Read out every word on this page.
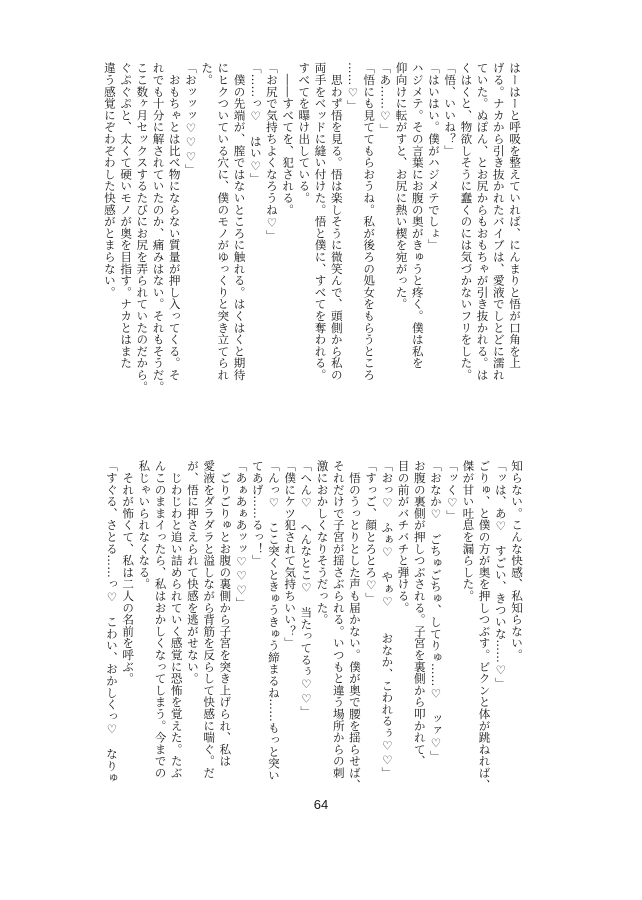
はーはーと呼吸を整えていれば、にんまりと悟が口角を上
げる。ナカから引き抜かれたバイブは、愛液でしとどに濡れ
ていた。ぬぽん、とお尻からもおもちゃが引き抜かれる。は
くはくと、物欲しそうに蠢くのには気づかないフリをした。
「悟、いいね？」
「はいはい。僕がハジメテでしょ」
ハジメテ。その言葉にお腹の奥がきゅうと疼く。僕は私を
仰向けに転がすと、お尻に熱い楔を宛がった。
「あ……♡」
「悟にも見ててもらおうね。私が後ろの処女をもらうところ
……♡」
　思わず悟を見る。悟は楽しそうに微笑んで、頭側から私の
両手をベッドに縫い付けた。悟と僕に、すべてを奪われる。
すべてを曝け出している。
　――すべてを、犯される。
「お尻で気持ちよくなろうね♡」
「……っ♡　はい♡」
　僕の先端が、膣ではないところに触れる。はくはくと期待
にヒクついている穴に、僕のモノがゆっくりと突き立てられ
た。
「おッッッ♡♡♡」
　おもちゃとは比べ物にならない質量が押し入ってくる。そ
れでも十分に解されていたのか、痛みはない。それもそうだ。
ここ数ヶ月セックスするたびにお尻を弄られていたのだから。
ぐぷぐぷと、太くて硬いモノが奥を目指す。ナカとはまた
違う感覚にぞわぞわした快感がとまらない。
知らない。こんな快感、私知らない。
「ッは、あ♡　すごい、きついな……♡」
ごりゅ、と僕の方が奥を押しつぶす。ビクンと体が跳ねれば、
傑が甘い吐息を漏らした。
「ッく♡」
「おなか♡　ごちゅごちゅ、してりゅ……♡　ッァ♡」
お腹の裏側が押しつぶされる。子宮を裏側から叩かれて、
目の前がバチバチと弾ける。
「おっ♡　ふぁ♡　やぁ♡　　おなか、こわれるぅ♡♡」
「すっご、顔とろとろ♡」
　悟のうっとりとした声も届かない。僕が奥で腰を揺らせば、
それだけで子宮が揺さぶられる。いつもと違う場所からの刺
激におかしくなりそうだった。
「へん♡　へんなとこ♡　当たってるぅ♡♡」
「僕にケツ犯されて気持ちいい？」
「んっ♡　ここ突くときゅうきゅう締まるね……もっと突い
てあげ……るっ！」
「あぁあぁあッッ♡♡♡」
　ごりごりゅとお腹の裏側から子宮を突き上げられ、私は
愛液をダラダラと溢しながら背筋を反らして快感に喘ぐ。だ
が、悟に押さえられて快感を逃がせない。
　じわじわと追い詰められていく感覚に恐怖を覚えた。たぶ
んこのままイったら、私はおかしくなってしまう。今までの
私じゃいられなくなる。
　それが怖くて、私は二人の名前を呼ぶ。
「すぐる、さとる……っ♡　こわい、おかしくっ♡　なりゅ
64
